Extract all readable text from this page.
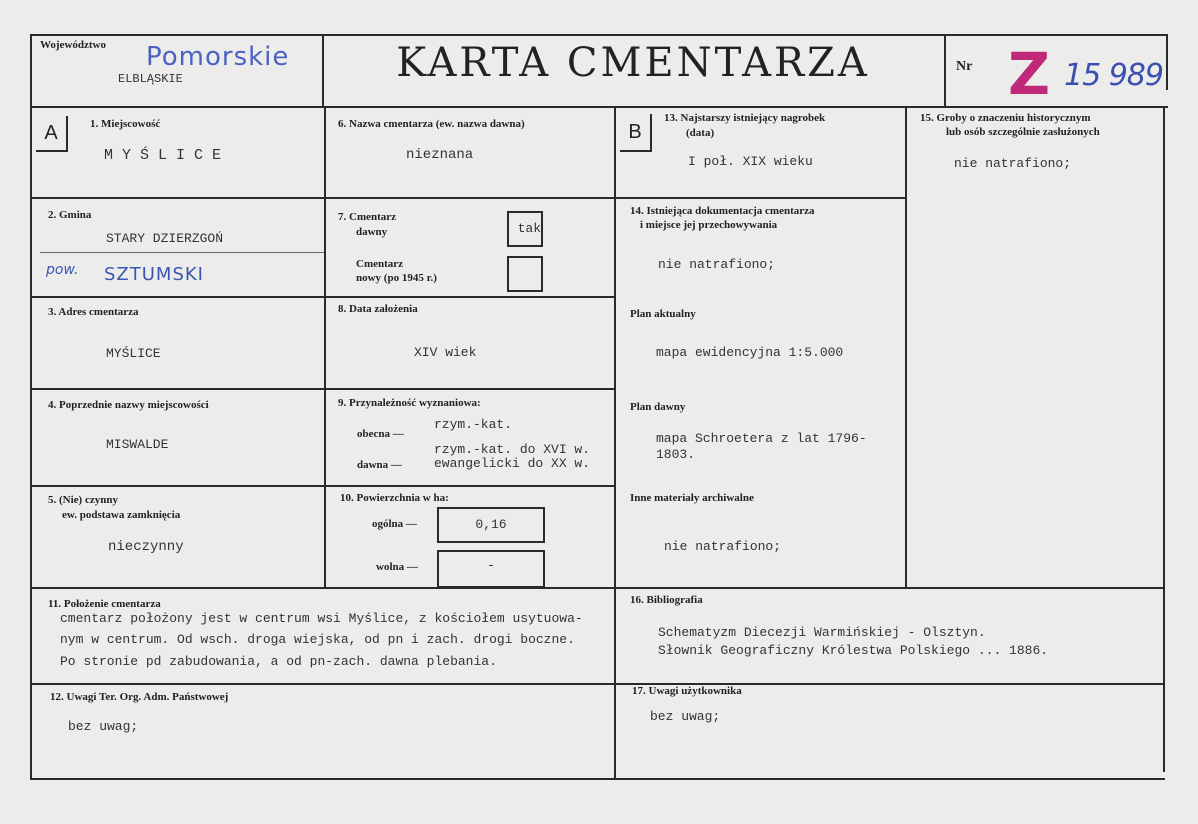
Województwo Pomorskie
ELBLĄSKIE	KARTA CMENTARZA	Nr Z 15 989
A	B
1. Miejscowość
M Y Ś L I C E
2. Gmina
STARY DZIERZGOŃ
pow. SZTUMSKI
3. Adres cmentarza
MYŚLICE
4. Poprzednie nazwy miejscowości
MISWALDE
5. (Nie) czynny
ew. podstawa zamknięcia
nieczynny
6. Nazwa cmentarza (ew. nazwa dawna)
nieznana
7. Cmentarz
dawny	tak
Cmentarz
nowy (po 1945 r.)
8. Data założenia
XIV wiek
9. Przynależność wyznaniowa:
obecna —
rzym.-kat.
dawna —
rzym.-kat. do XVI w.
ewangelicki do XX w.
10. Powierzchnia w ha:
ogólna —	0,16
wolna —	-
13. Najstarszy istniejący nagrobek
(data)
I poł. XIX wieku
14. Istniejąca dokumentacja cmentarza
i miejsce jej przechowywania
nie natrafiono;
Plan aktualny
mapa ewidencyjna 1:5.000
Plan dawny
mapa Schroetera z lat 1796-
1803.
Inne materiały archiwalne
nie natrafiono;
15. Groby o znaczeniu historycznym
lub osób szczególnie zasłużonych
nie natrafiono;
11. Położenie cmentarza
cmentarz położony jest w centrum wsi Myślice, z kościołem usytuowa-
nym w centrum. Od wsch. droga wiejska, od pn i zach. drogi boczne.
Po stronie pd zabudowania, a od pn-zach. dawna plebania.
16. Bibliografia
Schematyzm Diecezji Warmińskiej - Olsztyn.
Słownik Geograficzny Królestwa Polskiego ... 1886.
12. Uwagi Ter. Org. Adm. Państwowej
bez uwag;
17. Uwagi użytkownika
bez uwag;
